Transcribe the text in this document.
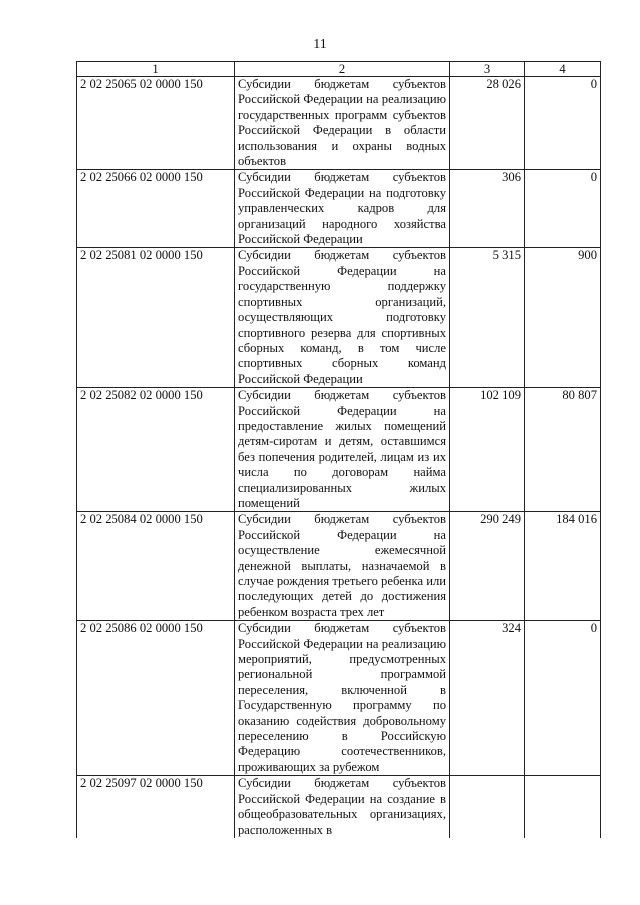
11
1	2	3	4
2 02 25065 02 0000 150	Субсидии бюджетам субъектов Российской Федерации на реализацию государственных программ субъектов Российской Федерации в области использования и охраны водных объектов	28 026	0
2 02 25066 02 0000 150	Субсидии бюджетам субъектов Российской Федерации на подготовку управленческих кадров для организаций народного хозяйства Российской Федерации	306	0
2 02 25081 02 0000 150	Субсидии бюджетам субъектов Российской Федерации на государственную поддержку спортивных организаций, осуществляющих подготовку спортивного резерва для спортивных сборных команд, в том числе спортивных сборных команд Российской Федерации	5 315	900
2 02 25082 02 0000 150	Субсидии бюджетам субъектов Российской Федерации на предоставление жилых помещений детям-сиротам и детям, оставшимся без попечения родителей, лицам из их числа по договорам найма специализированных жилых помещений	102 109	80 807
2 02 25084 02 0000 150	Субсидии бюджетам субъектов Российской Федерации на осуществление ежемесячной денежной выплаты, назначаемой в случае рождения третьего ребенка или последующих детей до достижения ребенком возраста трех лет	290 249	184 016
2 02 25086 02 0000 150	Субсидии бюджетам субъектов Российской Федерации на реализацию мероприятий, предусмотренных региональной программой переселения, включенной в Государственную программу по оказанию содействия добровольному переселению в Российскую Федерацию соотечественников, проживающих за рубежом	324	0
2 02 25097 02 0000 150	Субсидии бюджетам субъектов Российской Федерации на создание в общеобразовательных организациях, расположенных в		
